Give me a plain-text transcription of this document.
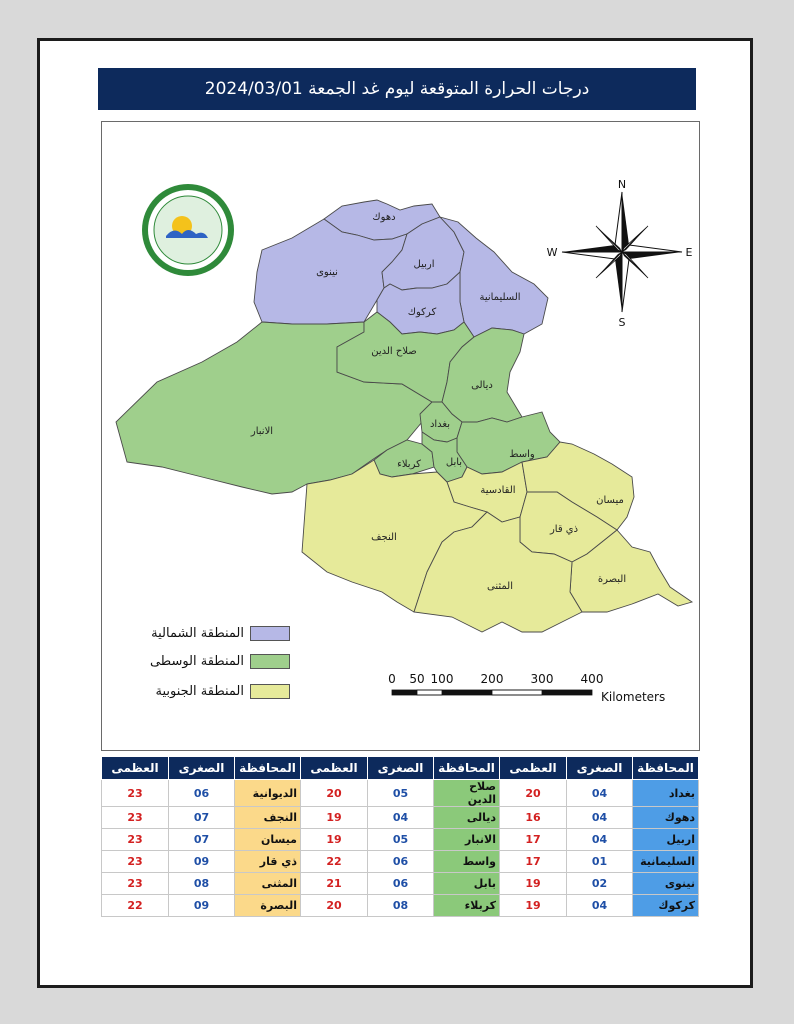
درجات الحرارة المتوقعة ليوم غد الجمعة 2024/03/01
N
S
E
W
دهوك
نينوى
اربيل
السليمانية
كركوك
صلاح الدين
ديالى
الانبار
بغداد
واسط
كربلاء	بابل
القادسية
ميسان
النجف
ذي قار
البصرة
المثنى
المنطقة الشمالية
المنطقة الوسطى
المنطقة الجنوبية
0 50 100 200 300 400
Kilometers
المحافظة	الصغرى	العظمى	المحافظة	الصغرى	العظمى	المحافظة	الصغرى	العظمى
بغداد	04	20	صلاح الدين	05	20	الديوانية	06	23
دهوك	04	16	ديالى	04	19	النجف	07	23
اربيل	04	17	الانبار	05	19	ميسان	07	23
السليمانية	01	17	واسط	06	22	ذي قار	09	23
نينوى	02	19	بابل	06	21	المثنى	08	23
كركوك	04	19	كربلاء	08	20	البصرة	09	22
